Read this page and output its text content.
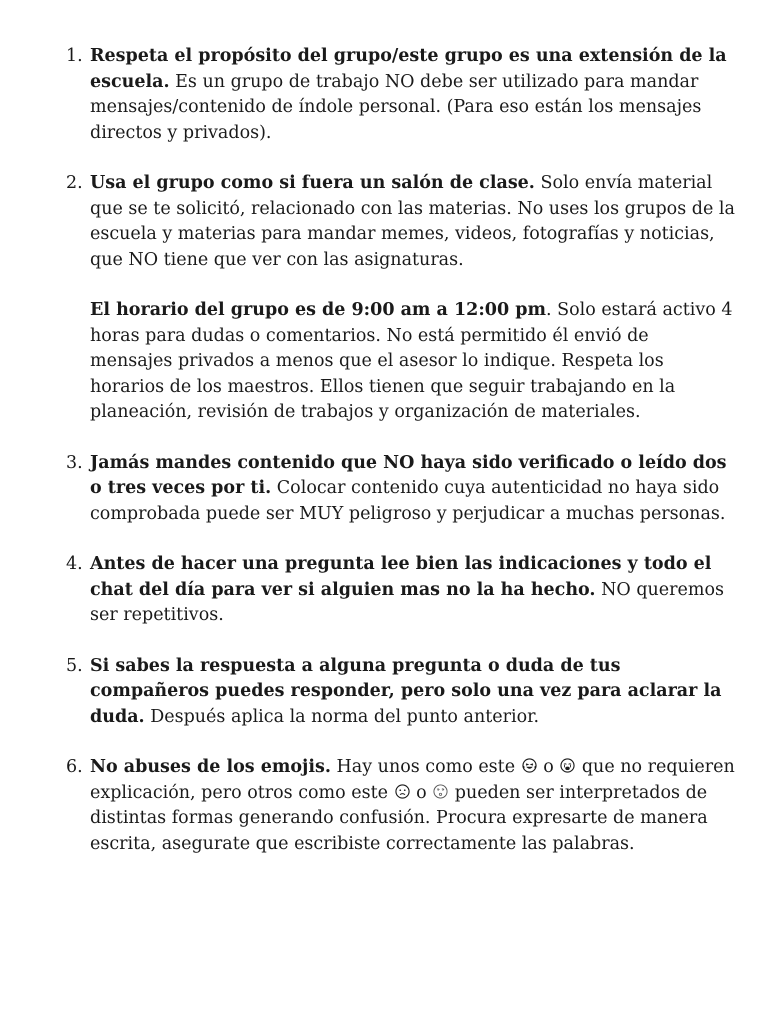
1. Respeta el propósito del grupo/este grupo es una extensión de la escuela. Es un grupo de trabajo NO debe ser utilizado para mandar mensajes/contenido de índole personal. (Para eso están los mensajes directos y privados).

2. Usa el grupo como si fuera un salón de clase. Solo envía material que se te solicitó, relacionado con las materias. No uses los grupos de la escuela y materias para mandar memes, videos, fotografías y noticias, que NO tiene que ver con las asignaturas.

El horario del grupo es de 9:00 am a 12:00 pm. Solo estará activo 4 horas para dudas o comentarios. No está permitido él envió de mensajes privados a menos que el asesor lo indique. Respeta los horarios de los maestros. Ellos tienen que seguir trabajando en la planeación, revisión de trabajos y organización de materiales.

3. Jamás mandes contenido que NO haya sido verificado o leído dos o tres veces por ti. Colocar contenido cuya autenticidad no haya sido comprobada puede ser MUY peligroso y perjudicar a muchas personas.

4. Antes de hacer una pregunta lee bien las indicaciones y todo el chat del día para ver si alguien mas no la ha hecho. NO queremos ser repetitivos.

5. Si sabes la respuesta a alguna pregunta o duda de tus compañeros puedes responder, pero solo una vez para aclarar la duda. Después aplica la norma del punto anterior.

6. No abuses de los emojis. Hay unos como este
o
que no requieren explicación, pero otros como este
o
pueden ser interpretados de distintas formas generando confusión. Procura expresarte de manera escrita, asegurate que escribiste correctamente las palabras.
